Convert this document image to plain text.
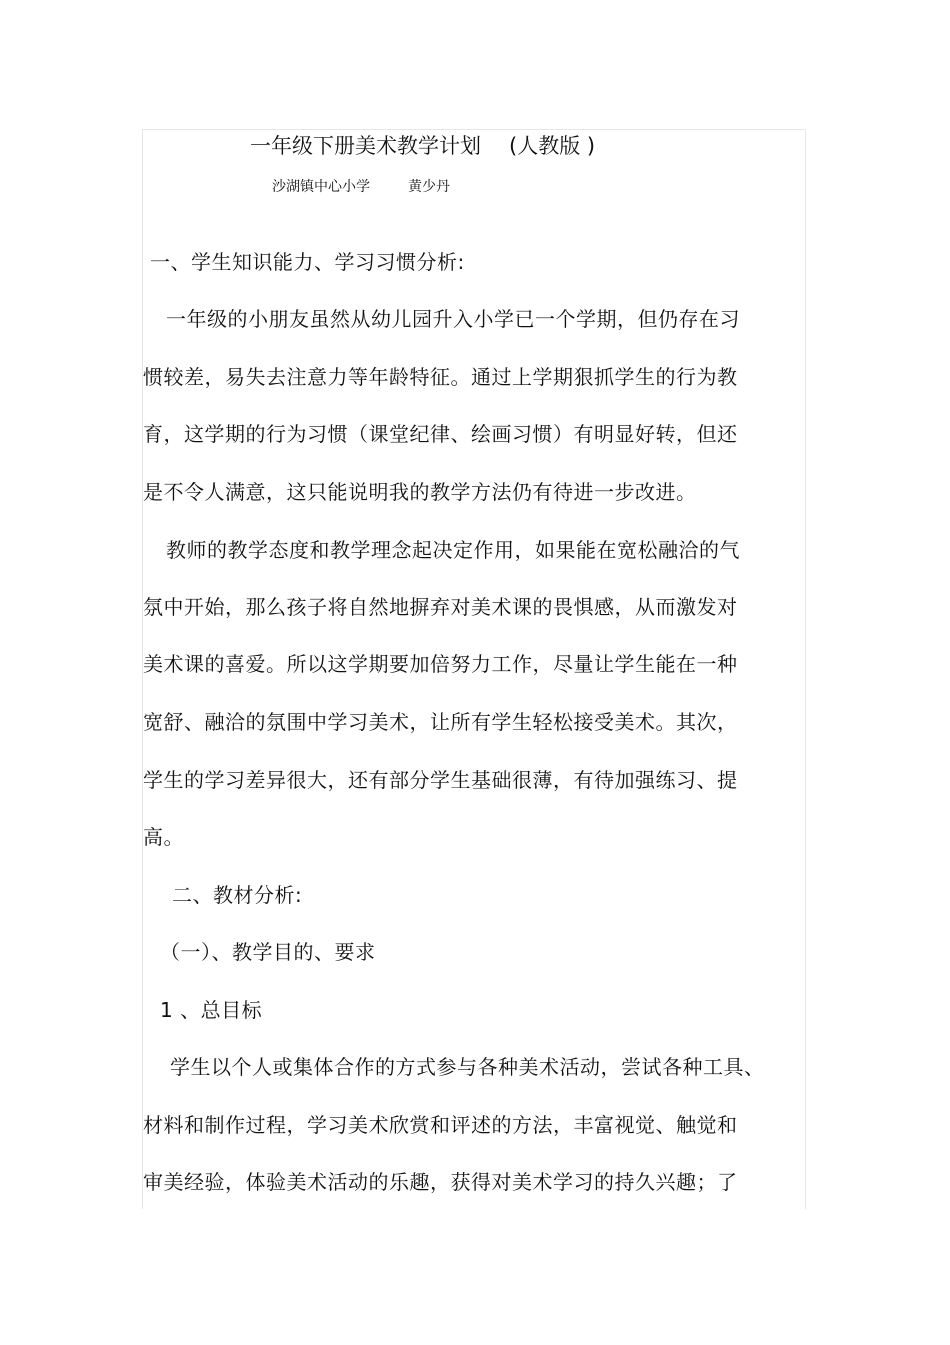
一年级下册美术教学计划 (人教版 )
沙湖镇中心小学	黄少丹
一、学生知识能力、学习习惯分析:
一年级的小朋友虽然从幼儿园升入小学已一个学期，但仍存在习
惯较差，易失去注意力等年龄特征。通过上学期狠抓学生的行为教
育，这学期的行为习惯（课堂纪律、绘画习惯）有明显好转，但还
是不令人满意，这只能说明我的教学方法仍有待进一步改进。
教师的教学态度和教学理念起决定作用，如果能在宽松融洽的气
氛中开始，那么孩子将自然地摒弃对美术课的畏惧感，从而激发对
美术课的喜爱。所以这学期要加倍努力工作，尽量让学生能在一种
宽舒、融洽的氛围中学习美术，让所有学生轻松接受美术。其次，
学生的学习差异很大，还有部分学生基础很薄，有待加强练习、提
高。
二、教材分析:
（一）、教学目的、要求
1 、总目标
学生以个人或集体合作的方式参与各种美术活动，尝试各种工具、
材料和制作过程，学习美术欣赏和评述的方法，丰富视觉、触觉和
审美经验，体验美术活动的乐趣，获得对美术学习的持久兴趣；了
